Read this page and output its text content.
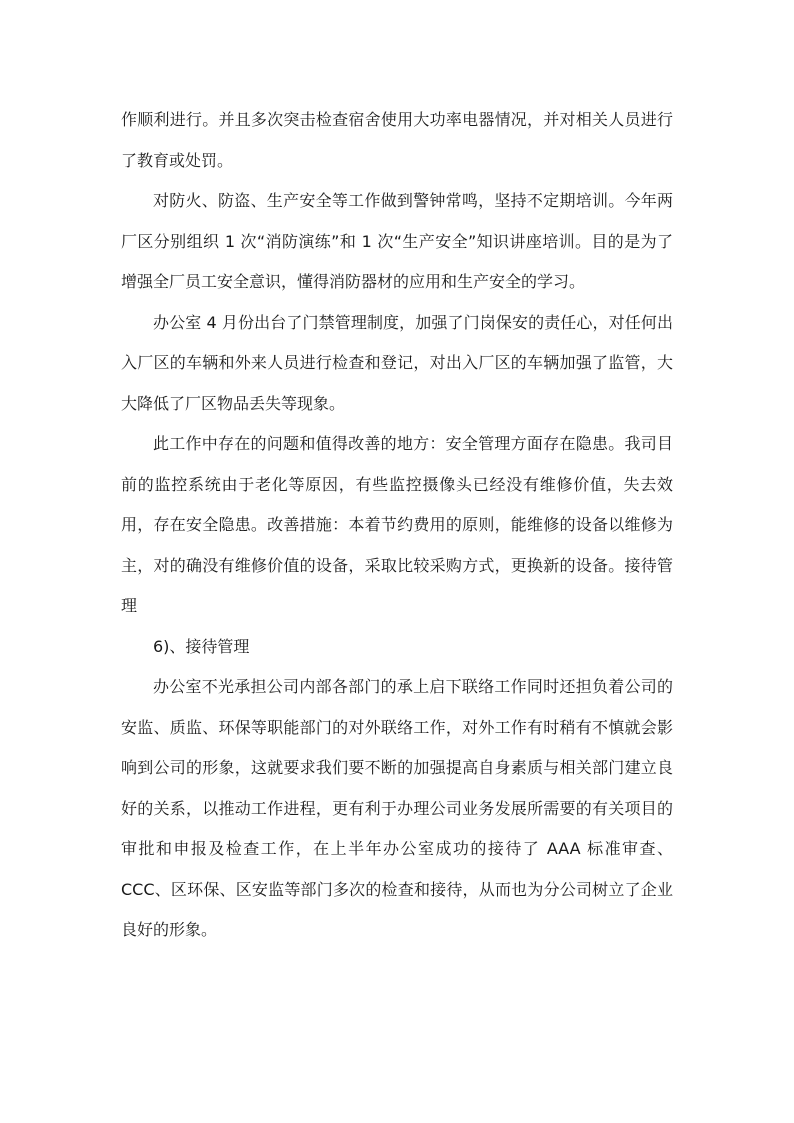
作顺利进行。并且多次突击检查宿舍使用大功率电器情况，并对相关人员进行了教育或处罚。

对防火、防盗、生产安全等工作做到警钟常鸣，坚持不定期培训。今年两厂区分别组织 1 次“消防演练”和 1 次“生产安全”知识讲座培训。目的是为了增强全厂员工安全意识，懂得消防器材的应用和生产安全的学习。

办公室 4 月份出台了门禁管理制度，加强了门岗保安的责任心，对任何出入厂区的车辆和外来人员进行检查和登记，对出入厂区的车辆加强了监管，大大降低了厂区物品丢失等现象。

此工作中存在的问题和值得改善的地方：安全管理方面存在隐患。我司目前的监控系统由于老化等原因，有些监控摄像头已经没有维修价值，失去效用，存在安全隐患。改善措施：本着节约费用的原则，能维修的设备以维修为主，对的确没有维修价值的设备，采取比较采购方式，更换新的设备。接待管理

6)、接待管理

办公室不光承担公司内部各部门的承上启下联络工作同时还担负着公司的安监、质监、环保等职能部门的对外联络工作，对外工作有时稍有不慎就会影响到公司的形象，这就要求我们要不断的加强提高自身素质与相关部门建立良好的关系，以推动工作进程，更有利于办理公司业务发展所需要的有关项目的审批和申报及检查工作，在上半年办公室成功的接待了 AAA 标准审查、CCC、区环保、区安监等部门多次的检查和接待，从而也为分公司树立了企业良好的形象。
